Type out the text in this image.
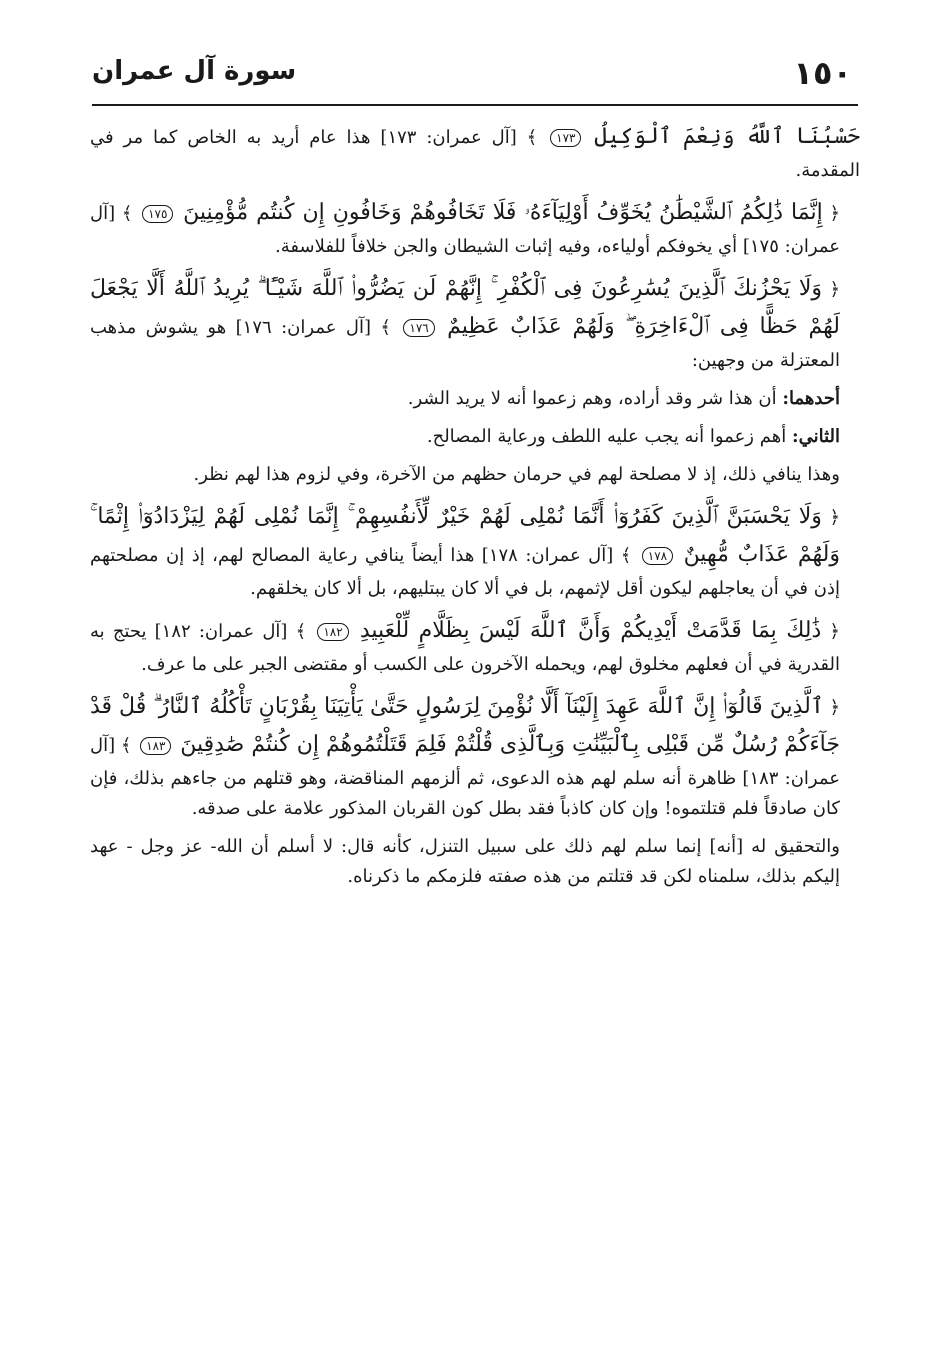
١٥٠
سورة آل عمران

حَسْبُنَا ٱللَّهُ وَنِعْمَ ٱلْوَكِيلُ ١٧٣ ﴾ [آل عمران: ١٧٣] هذا عام أريد به الخاص كما مر في المقدمة.

﴿ إِنَّمَا ذَٰلِكُمُ ٱلشَّيْطَٰنُ يُخَوِّفُ أَوْلِيَآءَهُۥ فَلَا تَخَافُوهُمْ وَخَافُونِ إِن كُنتُم مُّؤْمِنِينَ ١٧٥ ﴾ [آل عمران: ١٧٥] أي يخوفكم أولياءه، وفيه إثبات الشيطان والجن خلافاً للفلاسفة.

﴿ وَلَا يَحْزُنكَ ٱلَّذِينَ يُسَٰرِعُونَ فِى ٱلْكُفْرِ ۚ إِنَّهُمْ لَن يَضُرُّوا۟ ٱللَّهَ شَيْـًٔا ۗ يُرِيدُ ٱللَّهُ أَلَّا يَجْعَلَ لَهُمْ حَظًّا فِى ٱلْءَاخِرَةِ ۖ وَلَهُمْ عَذَابٌ عَظِيمٌ ١٧٦ ﴾ [آل عمران: ١٧٦] هو يشوش مذهب المعتزلة من وجهين:

أحدهما: أن هذا شر وقد أراده، وهم زعموا أنه لا يريد الشر.

الثاني: أهم زعموا أنه يجب عليه اللطف ورعاية المصالح.

وهذا ينافي ذلك، إذ لا مصلحة لهم في حرمان حظهم من الآخرة، وفي لزوم هذا لهم نظر.

﴿ وَلَا يَحْسَبَنَّ ٱلَّذِينَ كَفَرُوٓا۟ أَنَّمَا نُمْلِى لَهُمْ خَيْرٌ لِّأَنفُسِهِمْ ۚ إِنَّمَا نُمْلِى لَهُمْ لِيَزْدَادُوٓا۟ إِثْمًا ۚ وَلَهُمْ عَذَابٌ مُّهِينٌ ١٧٨ ﴾ [آل عمران: ١٧٨] هذا أيضاً ينافي رعاية المصالح لهم، إذ إن مصلحتهم إذن في أن يعاجلهم ليكون أقل لإثمهم، بل في ألا كان يبتليهم، بل ألا كان يخلقهم.

﴿ ذَٰلِكَ بِمَا قَدَّمَتْ أَيْدِيكُمْ وَأَنَّ ٱللَّهَ لَيْسَ بِظَلَّامٍ لِّلْعَبِيدِ ١٨٢ ﴾ [آل عمران: ١٨٢] يحتج به القدرية في أن فعلهم مخلوق لهم، ويحمله الآخرون على الكسب أو مقتضى الجبر على ما عرف.

﴿ ٱلَّذِينَ قَالُوٓا۟ إِنَّ ٱللَّهَ عَهِدَ إِلَيْنَآ أَلَّا نُؤْمِنَ لِرَسُولٍ حَتَّىٰ يَأْتِيَنَا بِقُرْبَانٍ تَأْكُلُهُ ٱلنَّارُ ۗ قُلْ قَدْ جَآءَكُمْ رُسُلٌ مِّن قَبْلِى بِٱلْبَيِّنَٰتِ وَبِٱلَّذِى قُلْتُمْ فَلِمَ قَتَلْتُمُوهُمْ إِن كُنتُمْ صَٰدِقِينَ ١٨٣ ﴾ [آل عمران: ١٨٣] ظاهرة أنه سلم لهم هذه الدعوى، ثم ألزمهم المناقضة، وهو قتلهم من جاءهم بذلك، فإن كان صادقاً فلم قتلتموه! وإن كان كاذباً فقد بطل كون القربان المذكور علامة على صدقه.

والتحقيق له [أنه] إنما سلم لهم ذلك على سبيل التنزل، كأنه قال: لا أسلم أن الله- عز وجل - عهد إليكم بذلك، سلمناه لكن قد قتلتم من هذه صفته فلزمكم ما ذكرناه.
